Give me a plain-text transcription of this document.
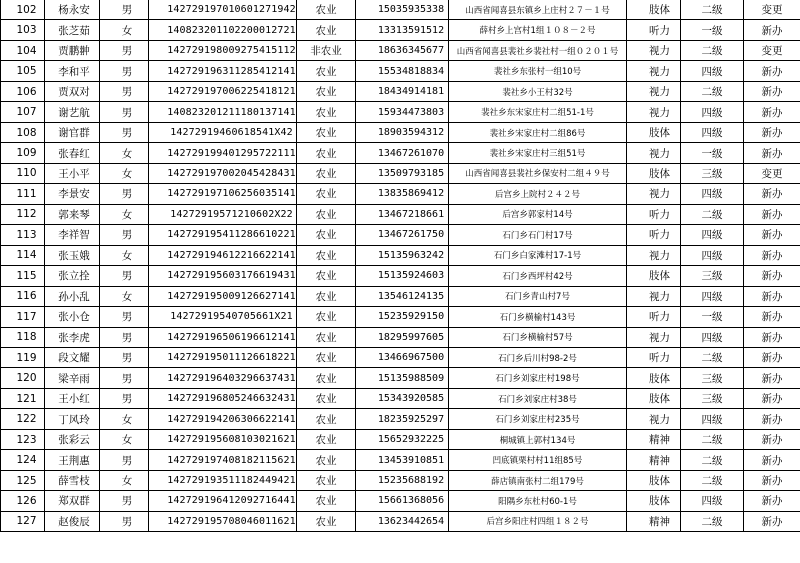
102	杨永安	男	142729197010601271942	农业	15035935338	山西省闻喜县东镇乡上庄村２７－１号	肢体	二级	变更
103	张芝茹	女	140823201102200012721	农业	13313591512	薛村乡上宫村1组１０８－２号	听力	一级	新办
104	贾鹏翀	男	142729198009275415112	非农业	18636345677	山西省闻喜县裴社乡裴社村一组０２０１号	视力	二级	变更
105	李和平	男	142729196311285412141	农业	15534818834	裴社乡东张村一组10号	视力	四级	新办
106	贾双对	男	142729197006225418121	农业	18434914181	裴社乡小王村32号	视力	二级	新办
107	谢艺航	男	140823201211180137141	农业	15934473803	裴社乡东宋家庄村二组51-1号	视力	四级	新办
108	谢官群	男	14272919460618541X42	农业	18903594312	裴社乡宋家庄村二组86号	肢体	四级	新办
109	张春红	女	142729199401295722111	农业	13467261070	裴社乡宋家庄村三组51号	视力	一级	新办
110	王小平	女	142729197002045428431	农业	13509793185	山西省闻喜县裴社乡保安村二组４９号	肢体	三级	变更
111	李景安	男	142729197106256035141	农业	13835869412	后宫乡上院村２４２号	视力	四级	新办
112	郭来琴	女	14272919571210602X22	农业	13467218661	后宫乡郭家村14号	听力	二级	新办
113	李祥智	男	142729195411286610221	农业	13467261750	石门乡石门村17号	听力	四级	新办
114	张玉娥	女	142729194612216622141	农业	15135963242	石门乡白家滩村17-1号	视力	四级	新办
115	张立拴	男	142729195603176619431	农业	15135924603	石门乡西坪村42号	肢体	三级	新办
116	孙小乱	女	142729195009126627141	农业	13546124135	石门乡青山村7号	视力	四级	新办
117	张小仓	男	14272919540705661X21	农业	15235929150	石门乡横榆村143号	听力	一级	新办
118	张李虎	男	142729196506196612141	农业	18295997605	石门乡横榆村57号	视力	四级	新办
119	段文耀	男	142729195011126618221	农业	13466967500	石门乡后川村98-2号	听力	二级	新办
120	梁辛雨	男	142729196403296637431	农业	15135988509	石门乡刘家庄村198号	肢体	三级	新办
121	王小红	男	142729196805246632431	农业	15343920585	石门乡刘家庄村38号	肢体	三级	新办
122	丁风玲	女	142729194206306622141	农业	18235925297	石门乡刘家庄村235号	视力	四级	新办
123	张彩云	女	142729195608103021621	农业	15652932225	桐城镇上郭村134号	精神	二级	新办
124	王荆惠	男	142729197408182115621	农业	13453910851	凹底镇栗村村11组85号	精神	二级	新办
125	薛雪枝	女	142729193511182449421	农业	15235688192	薛店镇南张村二组179号	肢体	二级	新办
126	郑双群	男	142729196412092716441	农业	15661368056	阳隅乡东杜村60-1号	肢体	四级	新办
127	赵俊辰	男	142729195708046011621	农业	13623442654	后宫乡阳庄村四组１８２号	精神	二级	新办
